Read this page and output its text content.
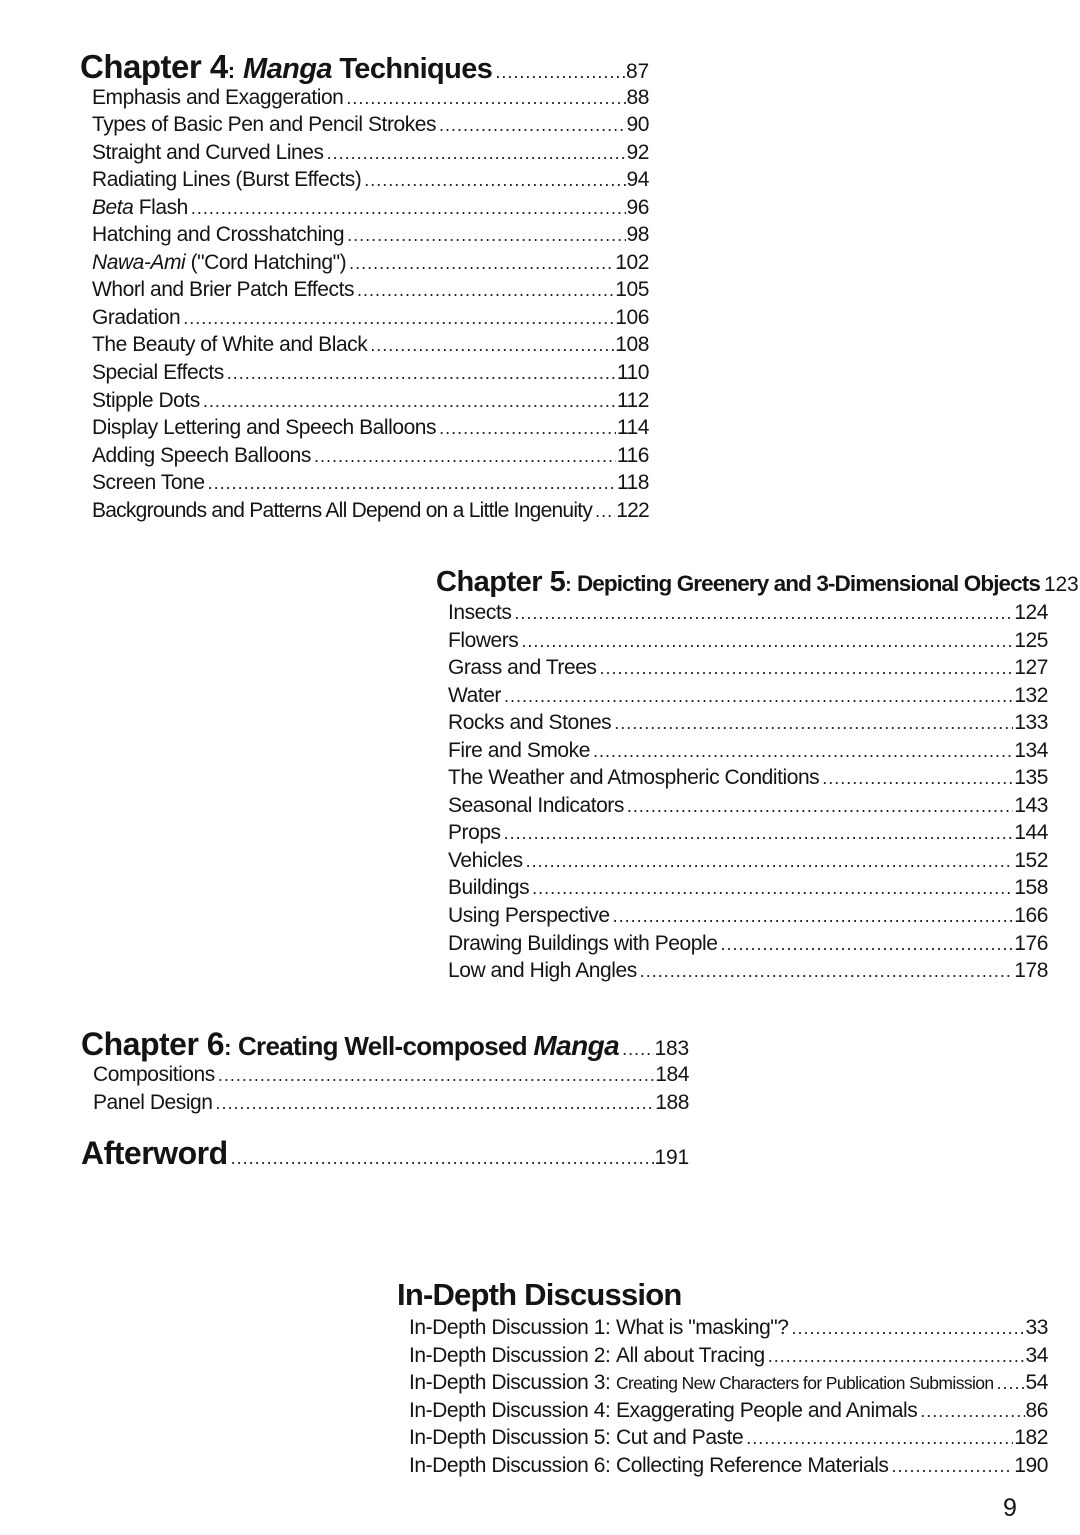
Chapter 4 : Manga Techniques .....	87
Emphasis and Exaggeration .....	88
Types of Basic Pen and Pencil Strokes .....	90
Straight and Curved Lines .....	92
Radiating Lines (Burst Effects) .....	94
Beta Flash .....	96
Hatching and Crosshatching .....	98
Nawa-Ami ("Cord Hatching") .....	102
Whorl and Brier Patch Effects .....	105
Gradation .....	106
The Beauty of White and Black .....	108
Special Effects .....	110
Stipple Dots .....	112
Display Lettering and Speech Balloons .....	114
Adding Speech Balloons .....	116
Screen Tone .....	118
Backgrounds and Patterns All Depend on a Little Ingenuity ..... 122
Chapter 5 : Depicting Greenery and 3-Dimensional Objects 123
Insects .....	124
Flowers .....	125
Grass and Trees .....	127
Water .....	132
Rocks and Stones .....	133
Fire and Smoke .....	134
The Weather and Atmospheric Conditions .....	135
Seasonal Indicators .....	143
Props .....	144
Vehicles .....	152
Buildings .....	158
Using Perspective .....	166
Drawing Buildings with People .....	176
Low and High Angles .....	178
Chapter 6 : Creating Well-composed Manga ..... 183
Compositions .....	184
Panel Design .....	188
Afterword .....	191
In-Depth Discussion
In-Depth Discussion 1: What is "masking"? .....	33
In-Depth Discussion 2: All about Tracing .....	34
In-Depth Discussion 3: Creating New Characters for Publication Submission ..... 54
In-Depth Discussion 4: Exaggerating People and Animals .....	86
In-Depth Discussion 5: Cut and Paste .....	182
In-Depth Discussion 6: Collecting Reference Materials .....	190
9
